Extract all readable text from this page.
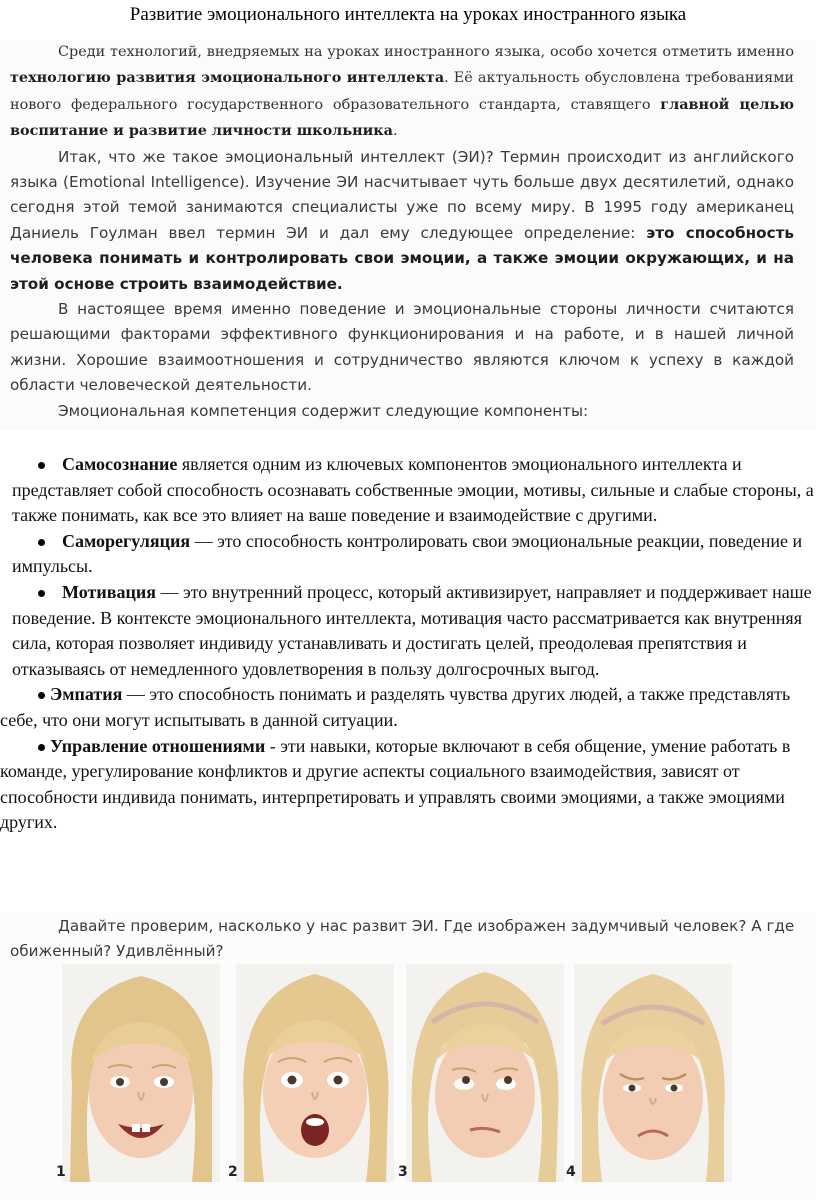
Развитие эмоционального интеллекта на уроках иностранного языка

Среди технологий, внедряемых на уроках иностранного языка, особо хочется отметить именно технологию развития эмоционального интеллекта. Её актуальность обусловлена требованиями нового федерального государственного образовательного стандарта, ставящего главной целью воспитание и развитие личности школьника.

Итак, что же такое эмоциональный интеллект (ЭИ)? Термин происходит из английского языка (Emotional Intelligence). Изучение ЭИ насчитывает чуть больше двух десятилетий, однако сегодня этой темой занимаются специалисты уже по всему миру. В 1995 году американец Даниель Гоулман ввел термин ЭИ и дал ему следующее определение: это способность человека понимать и контролировать свои эмоции, а также эмоции окружающих, и на этой основе строить взаимодействие.

В настоящее время именно поведение и эмоциональные стороны личности считаются решающими факторами эффективного функционирования и на работе, и в нашей личной жизни. Хорошие взаимоотношения и сотрудничество являются ключом к успеху в каждой области человеческой деятельности.

Эмоциональная компетенция содержит следующие компоненты:

Самосознание является одним из ключевых компонентов эмоционального интеллекта и представляет собой способность осознавать собственные эмоции, мотивы, сильные и слабые стороны, а также понимать, как все это влияет на ваше поведение и взаимодействие с другими.
Саморегуляция — это способность контролировать свои эмоциональные реакции, поведение и импульсы.
Мотивация — это внутренний процесс, который активизирует, направляет и поддерживает наше поведение. В контексте эмоционального интеллекта, мотивация часто рассматривается как внутренняя сила, которая позволяет индивиду устанавливать и достигать целей, преодолевая препятствия и отказываясь от немедленного удовлетворения в пользу долгосрочных выгод.
Эмпатия — это способность понимать и разделять чувства других людей, а также представлять себе, что они могут испытывать в данной ситуации.
Управление отношениями - эти навыки, которые включают в себя общение, умение работать в команде, урегулирование конфликтов и другие аспекты социального взаимодействия, зависят от способности индивида понимать, интерпретировать и управлять своими эмоциями, а также эмоциями других.

Давайте проверим, насколько у нас развит ЭИ. Где изображен задумчивый человек? А где обиженный? Удивлённый?

1	2	3	4
